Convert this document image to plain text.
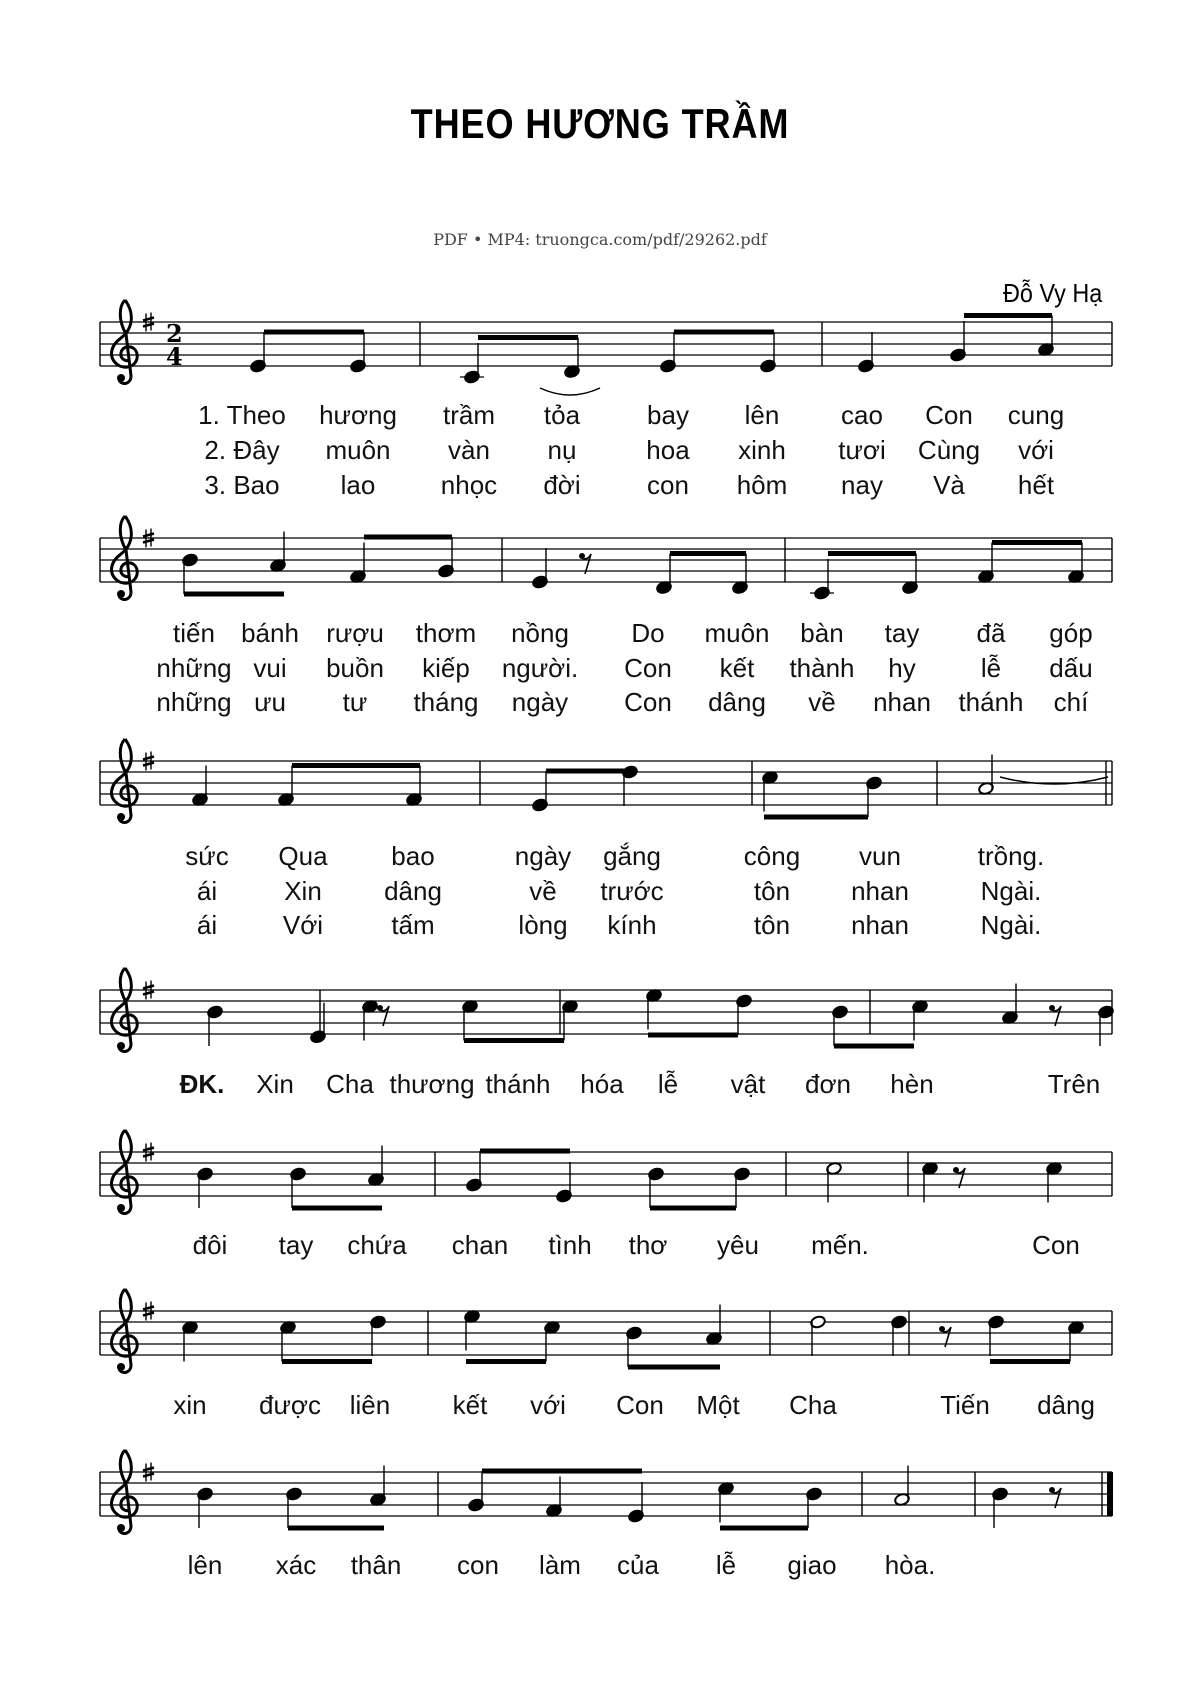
THEO HƯƠNG TRẦM
PDF • MP4: truongca.com/pdf/29262.pdf
Đỗ Vy Hạ
2
4
1. Theo hương trầm tỏa	bay lên cao Con cung
2. Đây muôn vàn nụ	hoa xinh tươi Cùng với
3. Bao lao	nhọc đời	con hôm nay Và hết
tiến bánh rượu thơm nồng Do muôn bàn tay đã góp
những vui buồn kiếp người. Con kết thành hy	lễ dấu
những ưu tư tháng ngày Con dâng về nhan thánh chí
sức Qua bao	ngày gắng	công vun	trồng.
ái	Xin dâng	về trước	tôn nhan	Ngài.
ái	Với	tấm	lòng kính	tôn nhan	Ngài.
ĐK. Xin Cha thương thánh hóa lễ vật đơn hèn	Trên
đôi tay chứa chan tình thơ yêu mến.	Con
xin được liên kết với Con Một Cha	Tiến dâng
lên xác thân con làm của lễ giao hòa.
